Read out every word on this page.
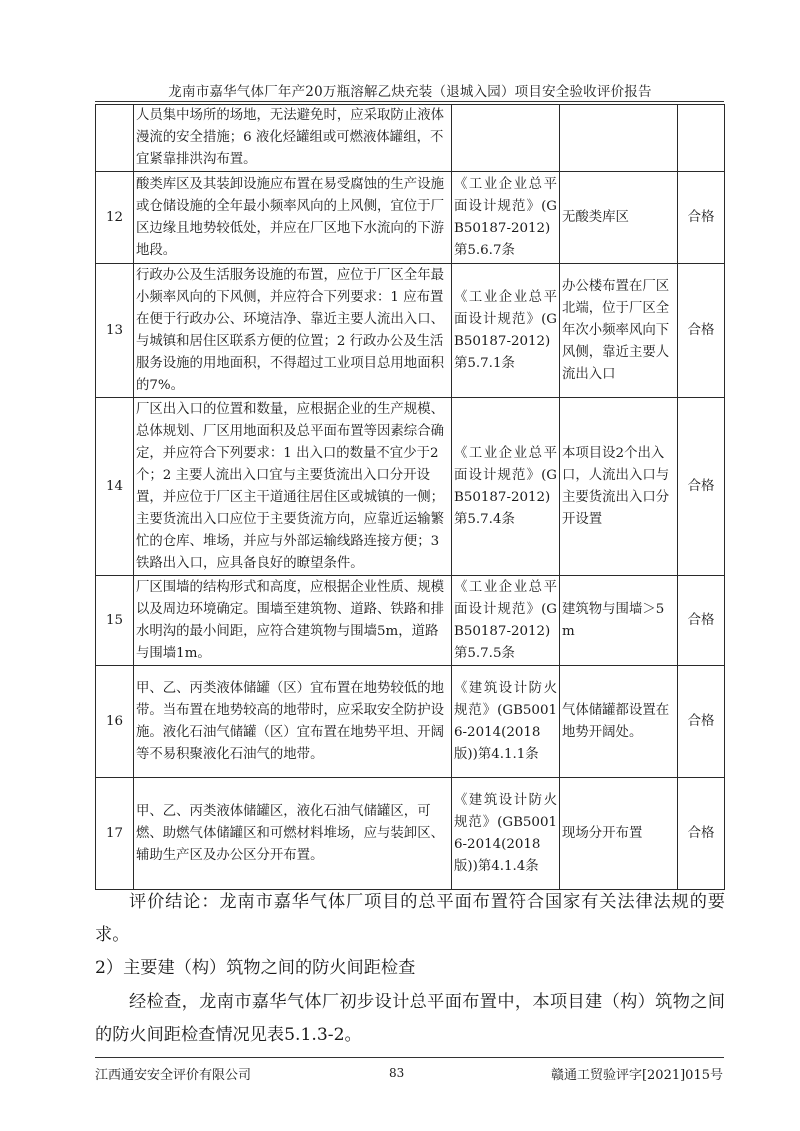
龙南市嘉华气体厂年产20万瓶溶解乙炔充装（退城入园）项目安全验收评价报告
	人员集中场所的场地，无法避免时，应采取防止液体漫流的安全措施；6 液化烃罐组或可燃液体罐组，不宜紧靠排洪沟布置。			
12	酸类库区及其装卸设施应布置在易受腐蚀的生产设施或仓储设施的全年最小频率风向的上风侧，宜位于厂区边缘且地势较低处，并应在厂区地下水流向的下游地段。	《工业企业总平面设计规范》(GB50187-2012)第5.6.7条	无酸类库区	合格
13	行政办公及生活服务设施的布置，应位于厂区全年最小频率风向的下风侧，并应符合下列要求：1 应布置在便于行政办公、环境洁净、靠近主要人流出入口、与城镇和居住区联系方便的位置；2 行政办公及生活服务设施的用地面积，不得超过工业项目总用地面积的7%。	《工业企业总平面设计规范》(GB50187-2012)第5.7.1条	办公楼布置在厂区北端，位于厂区全年次小频率风向下风侧，靠近主要人流出入口	合格
14	厂区出入口的位置和数量，应根据企业的生产规模、总体规划、厂区用地面积及总平面布置等因素综合确定，并应符合下列要求：1 出入口的数量不宜少于2个；2 主要人流出入口宜与主要货流出入口分开设置，并应位于厂区主干道通往居住区或城镇的一侧；主要货流出入口应位于主要货流方向，应靠近运输繁忙的仓库、堆场，并应与外部运输线路连接方便；3 铁路出入口，应具备良好的瞭望条件。	《工业企业总平面设计规范》(GB50187-2012)第5.7.4条	本项目设2个出入口，人流出入口与主要货流出入口分开设置	合格
15	厂区围墙的结构形式和高度，应根据企业性质、规模以及周边环境确定。围墙至建筑物、道路、铁路和排水明沟的最小间距，应符合建筑物与围墙5m，道路与围墙1m。	《工业企业总平面设计规范》(GB50187-2012)第5.7.5条	建筑物与围墙＞5m	合格
16	甲、乙、丙类液体储罐（区）宜布置在地势较低的地带。当布置在地势较高的地带时，应采取安全防护设施。液化石油气储罐（区）宜布置在地势平坦、开阔等不易积聚液化石油气的地带。	《建筑设计防火规范》(GB50016-2014(2018版))第4.1.1条	气体储罐都设置在地势开阔处。	合格
17	甲、乙、丙类液体储罐区，液化石油气储罐区，可燃、助燃气体储罐区和可燃材料堆场，应与装卸区、辅助生产区及办公区分开布置。	《建筑设计防火规范》(GB50016-2014(2018版))第4.1.4条	现场分开布置	合格
评价结论：龙南市嘉华气体厂项目的总平面布置符合国家有关法律法规的要求。
2）主要建（构）筑物之间的防火间距检查
经检查，龙南市嘉华气体厂初步设计总平面布置中，本项目建（构）筑物之间的防火间距检查情况见表5.1.3-2。
江西通安安全评价有限公司	83	赣通工贸验评字[2021]015号
